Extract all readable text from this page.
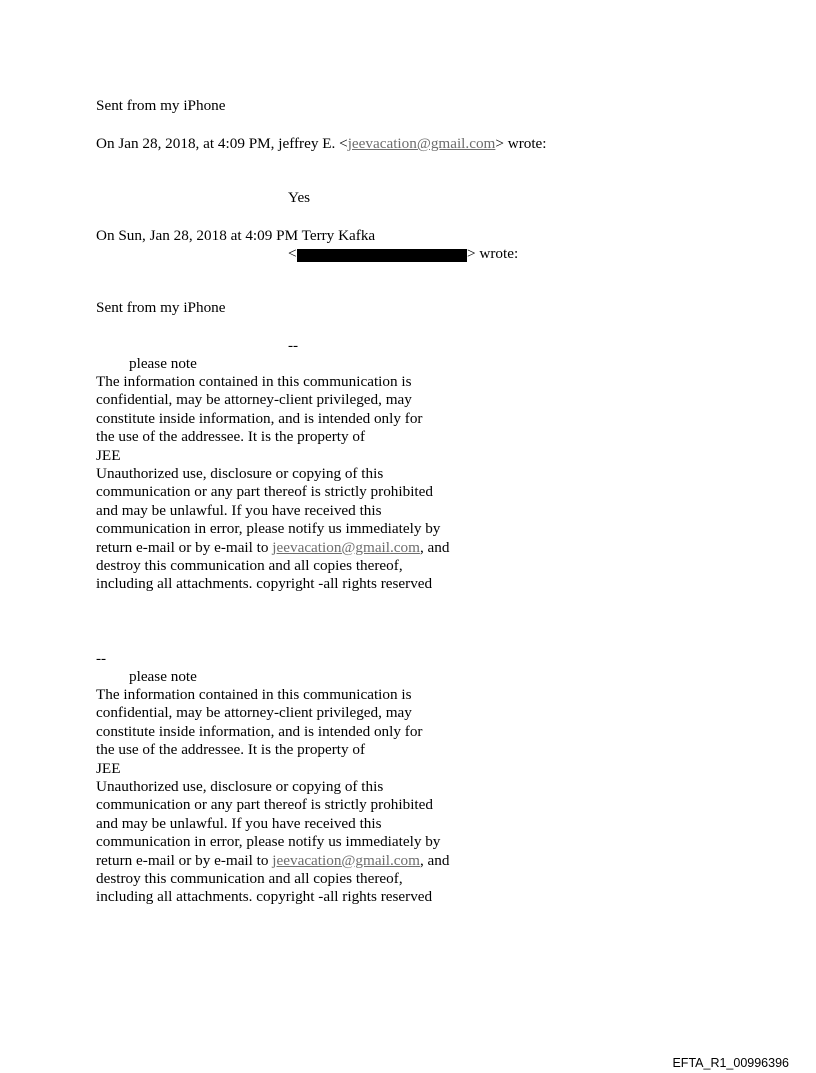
Sent from my iPhone
On Jan 28, 2018, at 4:09 PM, jeffrey E. <jeevacation@gmail.com> wrote:
Yes
On Sun, Jan 28, 2018 at 4:09 PM Terry Kafka
<	> wrote:
Sent from my iPhone
--
please note
The information contained in this communication is
confidential, may be attorney-client privileged, may
constitute inside information, and is intended only for
the use of the addressee. It is the property of
JEE
Unauthorized use, disclosure or copying of this
communication or any part thereof is strictly prohibited
and may be unlawful. If you have received this
communication in error, please notify us immediately by
return e-mail or by e-mail to jeevacation@gmail.com, and
destroy this communication and all copies thereof,
including all attachments. copyright -all rights reserved
--
please note
The information contained in this communication is
confidential, may be attorney-client privileged, may
constitute inside information, and is intended only for
the use of the addressee. It is the property of
JEE
Unauthorized use, disclosure or copying of this
communication or any part thereof is strictly prohibited
and may be unlawful. If you have received this
communication in error, please notify us immediately by
return e-mail or by e-mail to jeevacation@gmail.com, and
destroy this communication and all copies thereof,
including all attachments. copyright -all rights reserved
EFTA_R1_00996396
